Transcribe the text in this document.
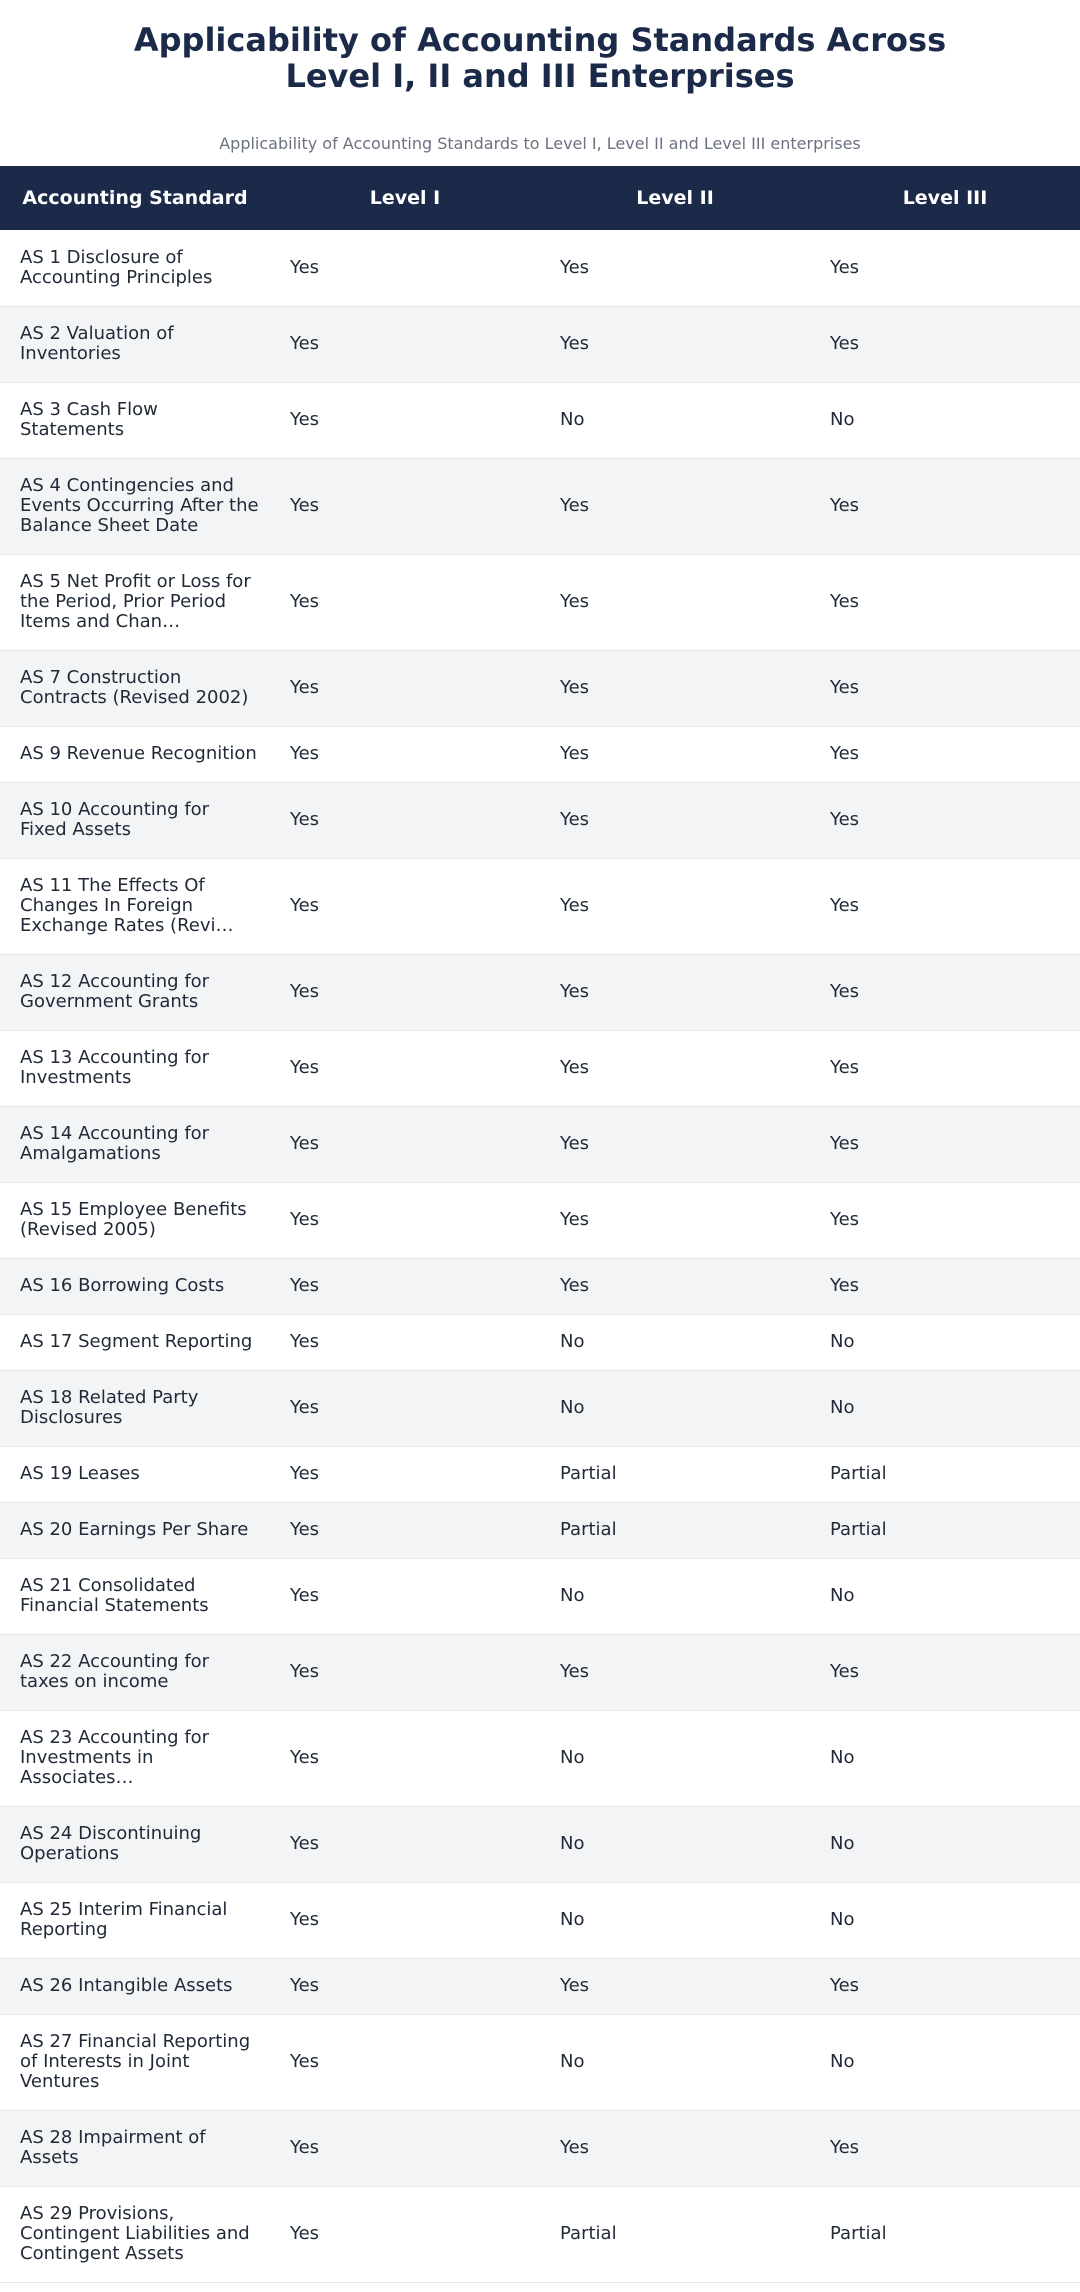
Applicability of Accounting Standards Across
Level I, II and III Enterprises
Applicability of Accounting Standards to Level I, Level II and Level III enterprises
Accounting Standard	Level I	Level II	Level III
AS 1 Disclosure of Accounting Principles	Yes	Yes	Yes
AS 2 Valuation of Inventories	Yes	Yes	Yes
AS 3 Cash Flow Statements	Yes	No	No
AS 4 Contingencies and Events Occurring After the Balance Sheet Date	Yes	Yes	Yes
AS 5 Net Profit or Loss for the Period, Prior Period Items and Chan…	Yes	Yes	Yes
AS 7 Construction Contracts (Revised 2002)	Yes	Yes	Yes
AS 9 Revenue Recognition	Yes	Yes	Yes
AS 10 Accounting for Fixed Assets	Yes	Yes	Yes
AS 11 The Effects Of Changes In Foreign Exchange Rates (Revi…	Yes	Yes	Yes
AS 12 Accounting for Government Grants	Yes	Yes	Yes
AS 13 Accounting for Investments	Yes	Yes	Yes
AS 14 Accounting for Amalgamations	Yes	Yes	Yes
AS 15 Employee Benefits (Revised 2005)	Yes	Yes	Yes
AS 16 Borrowing Costs	Yes	Yes	Yes
AS 17 Segment Reporting	Yes	No	No
AS 18 Related Party Disclosures	Yes	No	No
AS 19 Leases	Yes	Partial	Partial
AS 20 Earnings Per Share	Yes	Partial	Partial
AS 21 Consolidated Financial Statements	Yes	No	No
AS 22 Accounting for taxes on income	Yes	Yes	Yes
AS 23 Accounting for Investments in Associates…	Yes	No	No
AS 24 Discontinuing Operations	Yes	No	No
AS 25 Interim Financial Reporting	Yes	No	No
AS 26 Intangible Assets	Yes	Yes	Yes
AS 27 Financial Reporting of Interests in Joint Ventures	Yes	No	No
AS 28 Impairment of Assets	Yes	Yes	Yes
AS 29 Provisions, Contingent Liabilities and Contingent Assets	Yes	Partial	Partial
